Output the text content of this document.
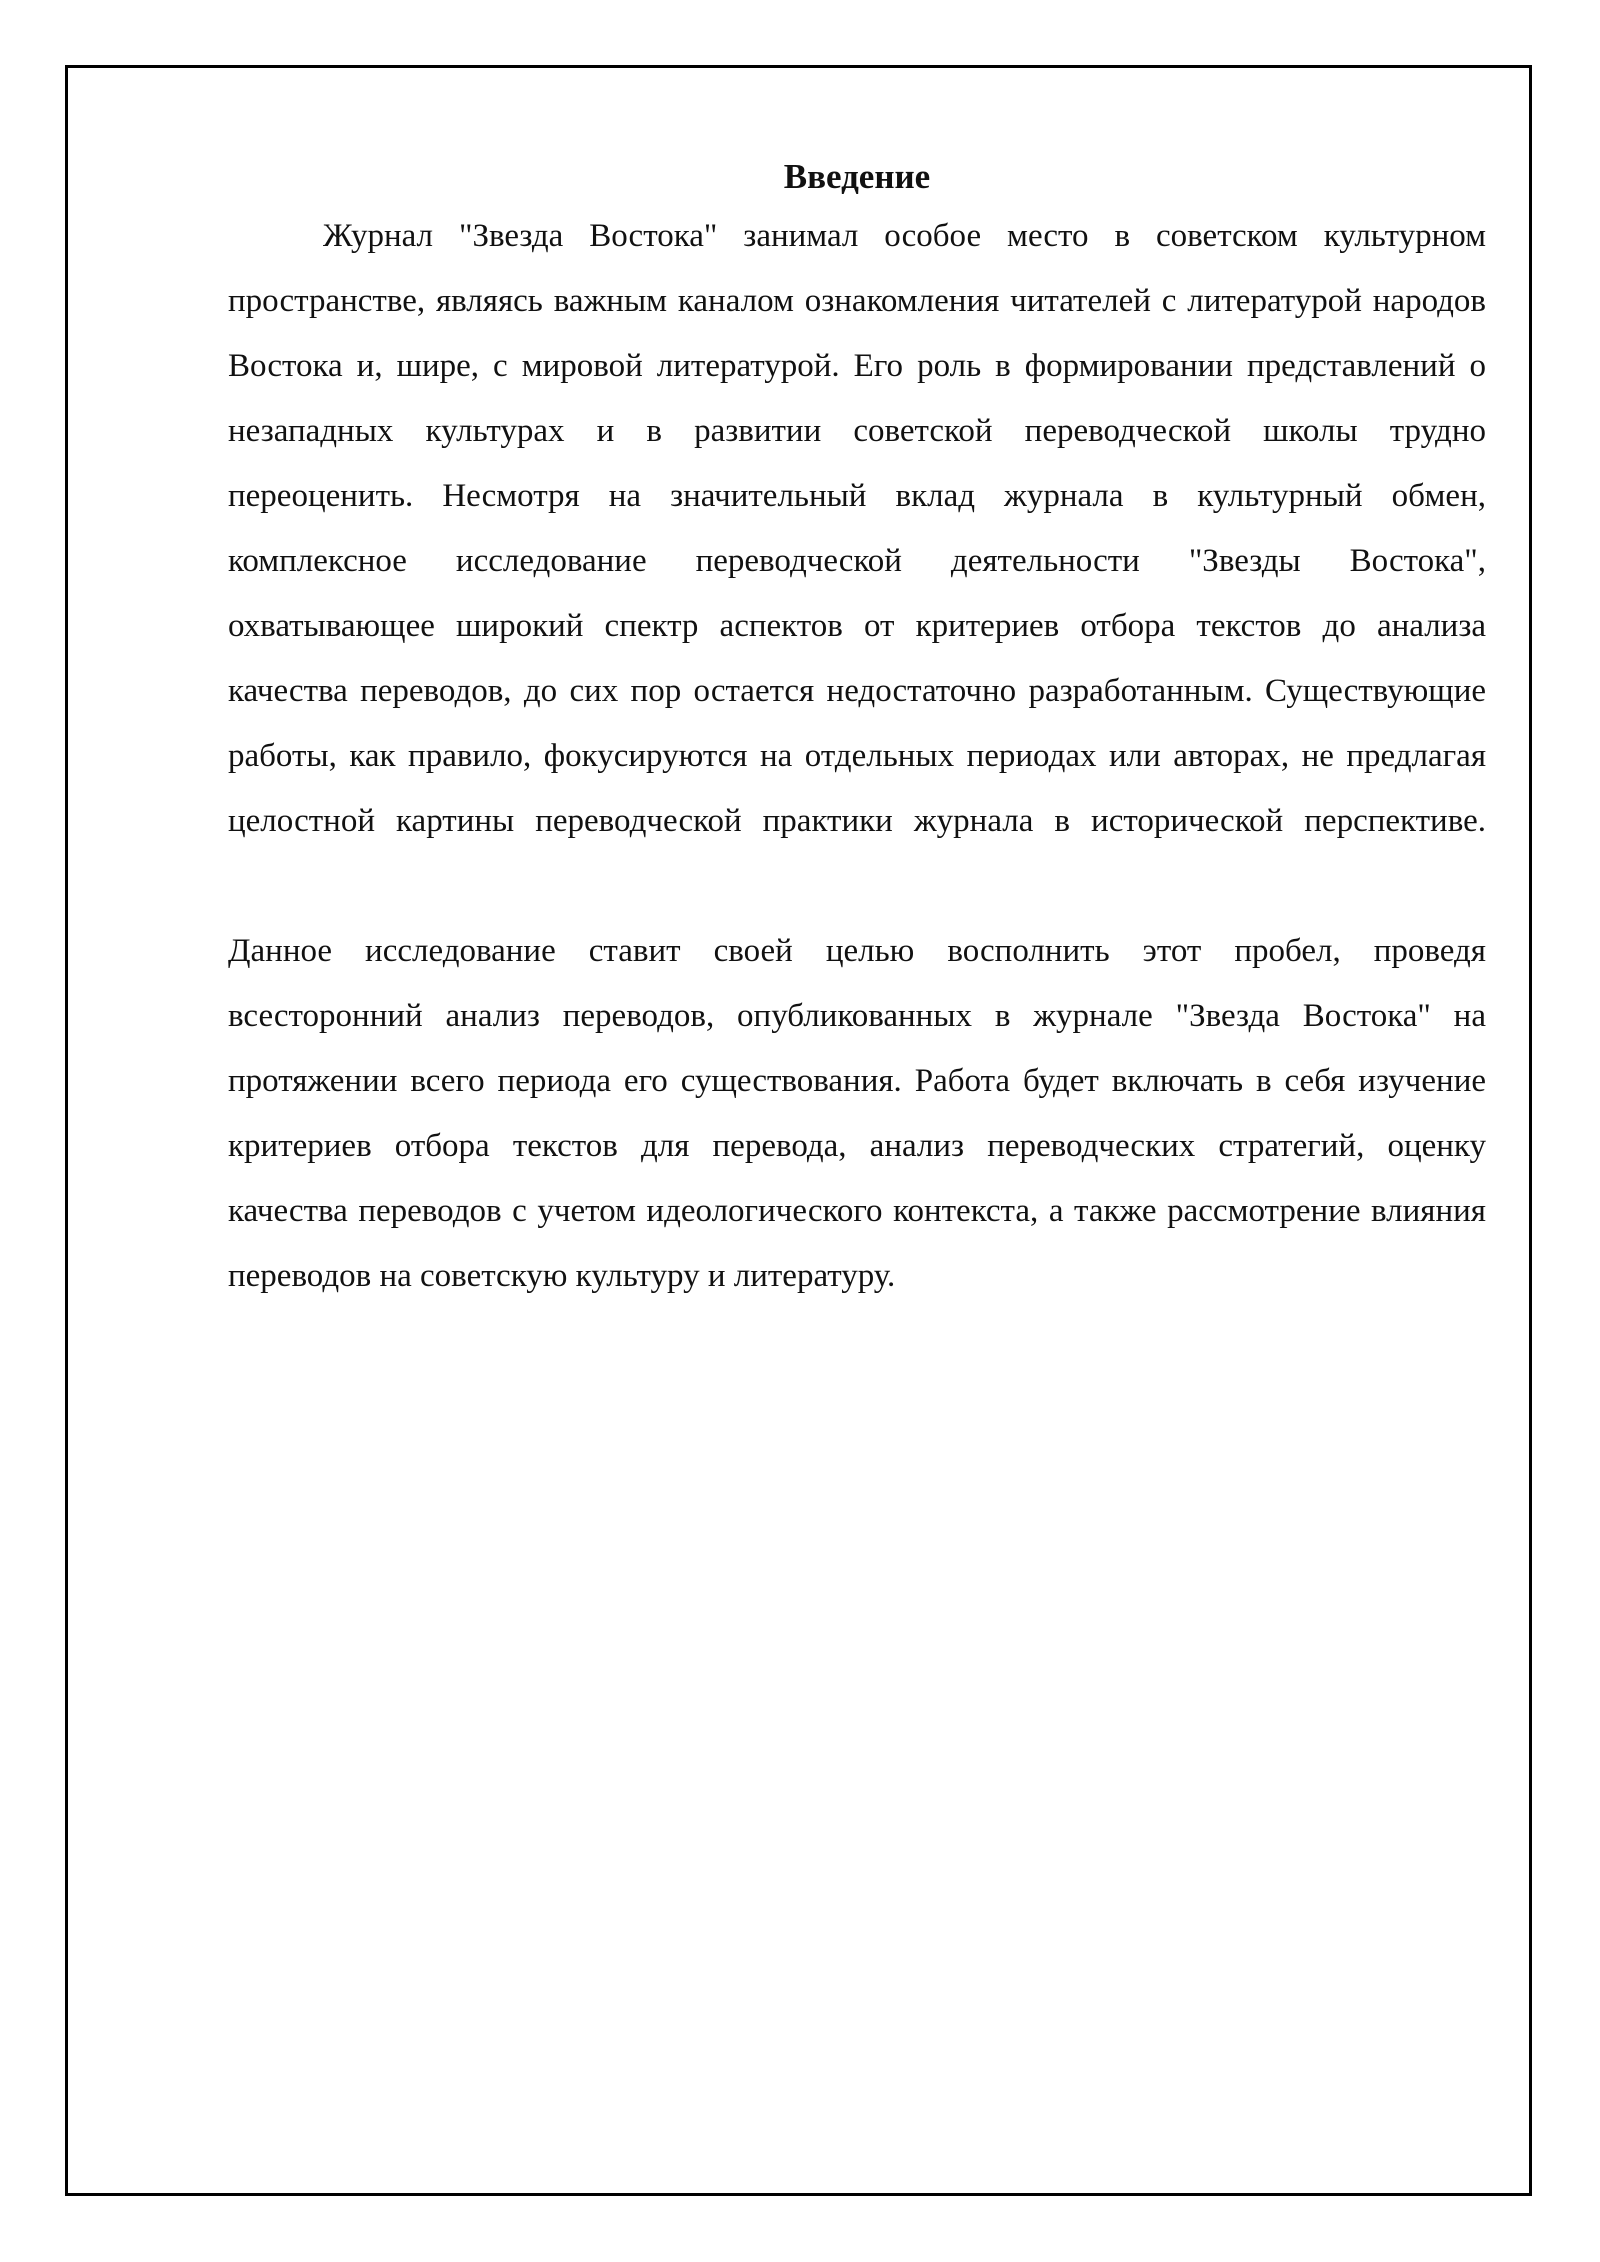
Введение

Журнал "Звезда Востока" занимал особое место в советском культурном пространстве, являясь важным каналом ознакомления читателей с литературой народов Востока и, шире, с мировой литературой. Его роль в формировании представлений о незападных культурах и в развитии советской переводческой школы трудно переоценить. Несмотря на значительный вклад журнала в культурный обмен, комплексное исследование переводческой деятельности "Звезды Востока", охватывающее широкий спектр аспектов от критериев отбора текстов до анализа качества переводов, до сих пор остается недостаточно разработанным. Существующие работы, как правило, фокусируются на отдельных периодах или авторах, не предлагая целостной картины переводческой практики журнала в исторической перспективе.

Данное исследование ставит своей целью восполнить этот пробел, проведя всесторонний анализ переводов, опубликованных в журнале "Звезда Востока" на протяжении всего периода его существования. Работа будет включать в себя изучение критериев отбора текстов для перевода, анализ переводческих стратегий, оценку качества переводов с учетом идеологического контекста, а также рассмотрение влияния переводов на советскую культуру и литературу.
